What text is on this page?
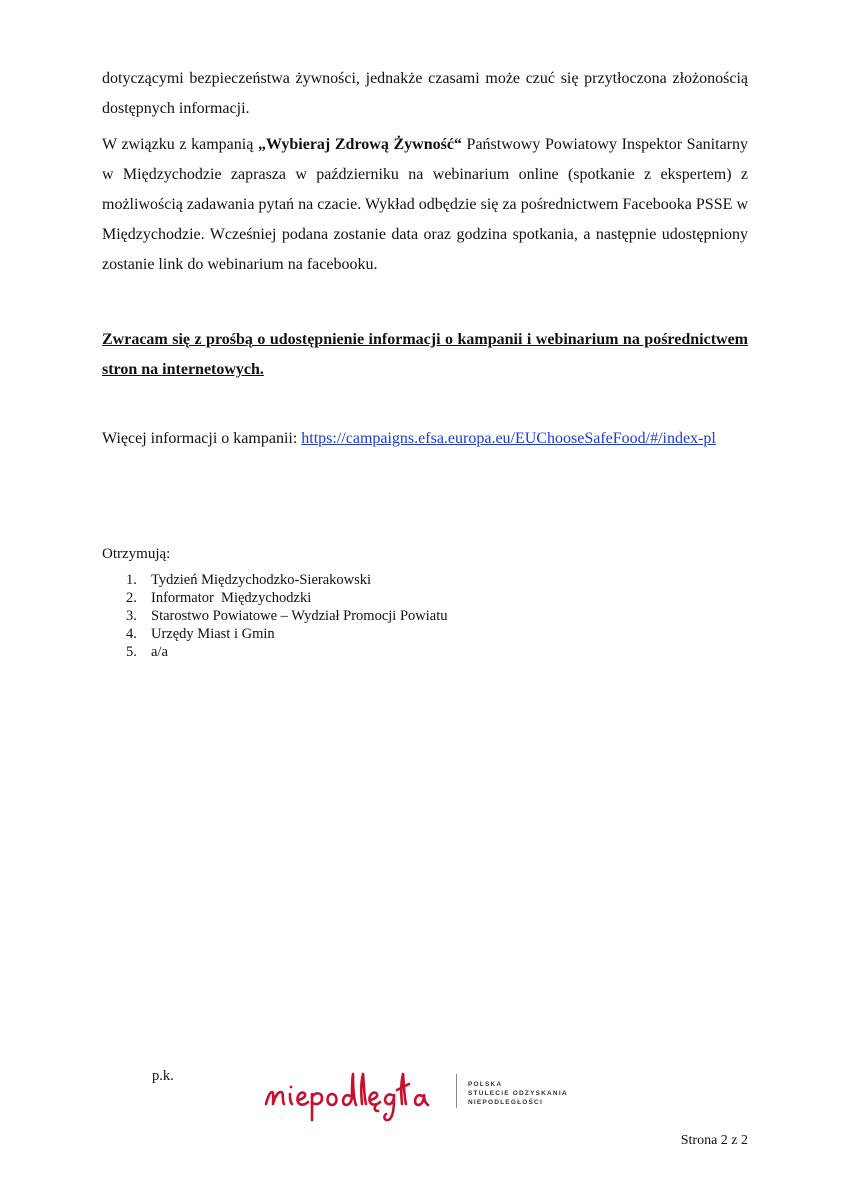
dotyczącymi bezpieczeństwa żywności, jednakże czasami może czuć się przytłoczona złożonością dostępnych informacji.

W związku z kampanią „Wybieraj Zdrową Żywność“ Państwowy Powiatowy Inspektor Sanitarny w Międzychodzie zaprasza w październiku na webinarium online (spotkanie z ekspertem) z możliwością zadawania pytań na czacie. Wykład odbędzie się za pośrednictwem Facebooka PSSE w Międzychodzie. Wcześniej podana zostanie data oraz godzina spotkania, a następnie udostępniony zostanie link do webinarium na facebooku.

Zwracam się z prośbą o udostępnienie informacji o kampanii i webinarium na pośrednictwem stron na internetowych.

Więcej informacji o kampanii: https://campaigns.efsa.europa.eu/EUChooseSafeFood/#/index-pl

Otrzymują:
1. Tydzień Międzychodzko-Sierakowski
2. Informator  Międzychodzki
3. Starostwo Powiatowe – Wydział Promocji Powiatu
4. Urzędy Miast i Gmin
5. a/a
p.k.
POLSKA
STULECIE ODZYSKANIA
NIEPODLEGŁOŚCI
Strona 2 z 2
